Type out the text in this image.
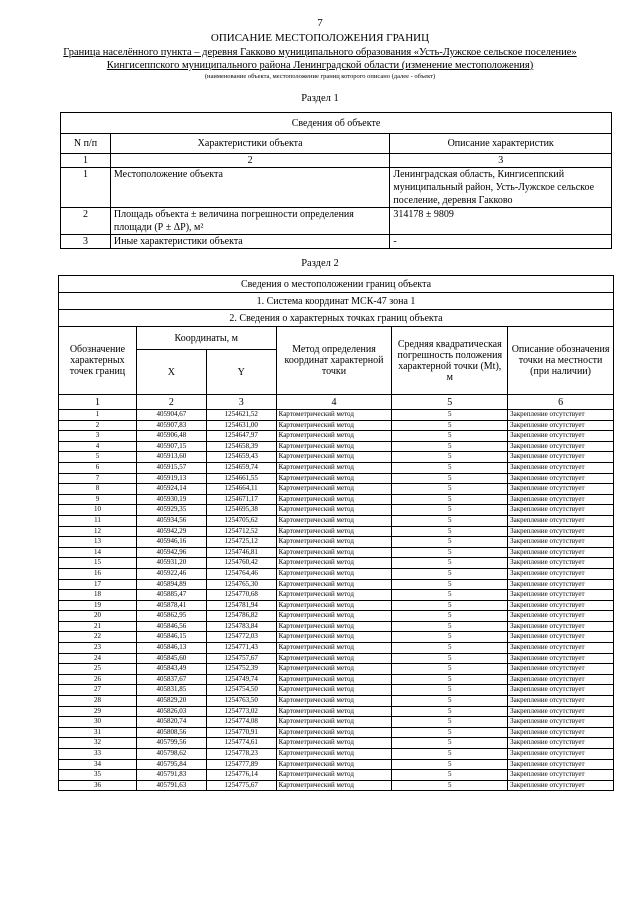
7
ОПИСАНИЕ МЕСТОПОЛОЖЕНИЯ ГРАНИЦ
Граница населённого пункта – деревня Гакково муниципального образования «Усть-Лужское сельское поселение»
Кингисеппского муниципального района Ленинградской области (изменение местоположения)
(наименование объекта, местоположение границ которого описано (далее - объект)
Раздел 1
Сведения об объекте		
N п/п	Характеристики объекта	Описание характеристик
1	2	3
1	Местоположение объекта	Ленинградская область, Кингисеппский муниципальный район, Усть-Лужское сельское поселение, деревня Гакково
2	Площадь объекта ± величина погрешности определения площади (Р ± ΔР), м²	314178 ± 9809
3	Иные характеристики объекта	-
Раздел 2
Сведения о местоположении границ объекта					
1. Система координат МСК-47 зона 1					
2. Сведения о характерных точках границ объекта					
Обозначение характерных точек границ	Координаты, м		Метод определения координат характерной точки	Средняя квадратическая погрешность положения характерной точки (Mt), м	Описание обозначения точки на местности (при наличии)
	X	Y			
1	2	3	4	5	6
1	405904,67	1254621,52	Картометрический метод	5	Закрепление отсутствует
2	405907,83	1254631,00	Картометрический метод	5	Закрепление отсутствует
3	405906,48	1254647,97	Картометрический метод	5	Закрепление отсутствует
4	405907,15	1254658,39	Картометрический метод	5	Закрепление отсутствует
5	405913,60	1254659,43	Картометрический метод	5	Закрепление отсутствует
6	405915,57	1254659,74	Картометрический метод	5	Закрепление отсутствует
7	405919,13	1254661,55	Картометрический метод	5	Закрепление отсутствует
8	405924,14	1254664,11	Картометрический метод	5	Закрепление отсутствует
9	405930,19	1254671,17	Картометрический метод	5	Закрепление отсутствует
10	405929,35	1254695,38	Картометрический метод	5	Закрепление отсутствует
11	405934,56	1254705,62	Картометрический метод	5	Закрепление отсутствует
12	405942,29	1254712,52	Картометрический метод	5	Закрепление отсутствует
13	405946,16	1254725,12	Картометрический метод	5	Закрепление отсутствует
14	405942,96	1254746,81	Картометрический метод	5	Закрепление отсутствует
15	405931,20	1254760,42	Картометрический метод	5	Закрепление отсутствует
16	405922,46	1254764,46	Картометрический метод	5	Закрепление отсутствует
17	405894,89	1254765,30	Картометрический метод	5	Закрепление отсутствует
18	405885,47	1254770,68	Картометрический метод	5	Закрепление отсутствует
19	405878,41	1254781,94	Картометрический метод	5	Закрепление отсутствует
20	405862,95	1254786,82	Картометрический метод	5	Закрепление отсутствует
21	405846,56	1254783,84	Картометрический метод	5	Закрепление отсутствует
22	405846,15	1254772,03	Картометрический метод	5	Закрепление отсутствует
23	405846,13	1254771,43	Картометрический метод	5	Закрепление отсутствует
24	405845,60	1254757,67	Картометрический метод	5	Закрепление отсутствует
25	405843,49	1254752,39	Картометрический метод	5	Закрепление отсутствует
26	405837,67	1254749,74	Картометрический метод	5	Закрепление отсутствует
27	405831,85	1254754,50	Картометрический метод	5	Закрепление отсутствует
28	405829,20	1254763,50	Картометрический метод	5	Закрепление отсутствует
29	405826,03	1254773,02	Картометрический метод	5	Закрепление отсутствует
30	405820,74	1254774,08	Картометрический метод	5	Закрепление отсутствует
31	405808,56	1254770,91	Картометрический метод	5	Закрепление отсутствует
32	405799,56	1254774,61	Картометрический метод	5	Закрепление отсутствует
33	405798,62	1254778,23	Картометрический метод	5	Закрепление отсутствует
34	405795,84	1254777,89	Картометрический метод	5	Закрепление отсутствует
35	405791,83	1254776,14	Картометрический метод	5	Закрепление отсутствует
36	405791,63	1254775,67	Картометрический метод	5	Закрепление отсутствует
